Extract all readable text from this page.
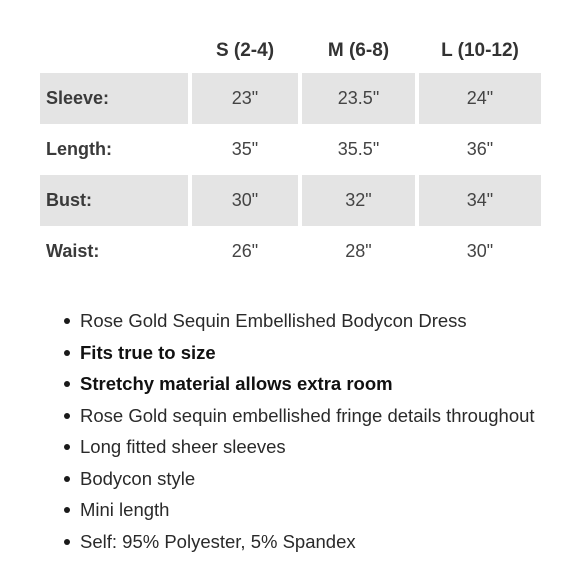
	S (2-4)	M (6-8)	L (10-12)
Sleeve:	23"	23.5"	24"
Length:	35"	35.5"	36"
Bust:	30"	32"	34"
Waist:	26"	28"	30"
Rose Gold Sequin Embellished Bodycon Dress
Fits true to size
Stretchy material allows extra room
Rose Gold sequin embellished fringe details throughout
Long fitted sheer sleeves
Bodycon style
Mini length
Self: 95% Polyester, 5% Spandex
